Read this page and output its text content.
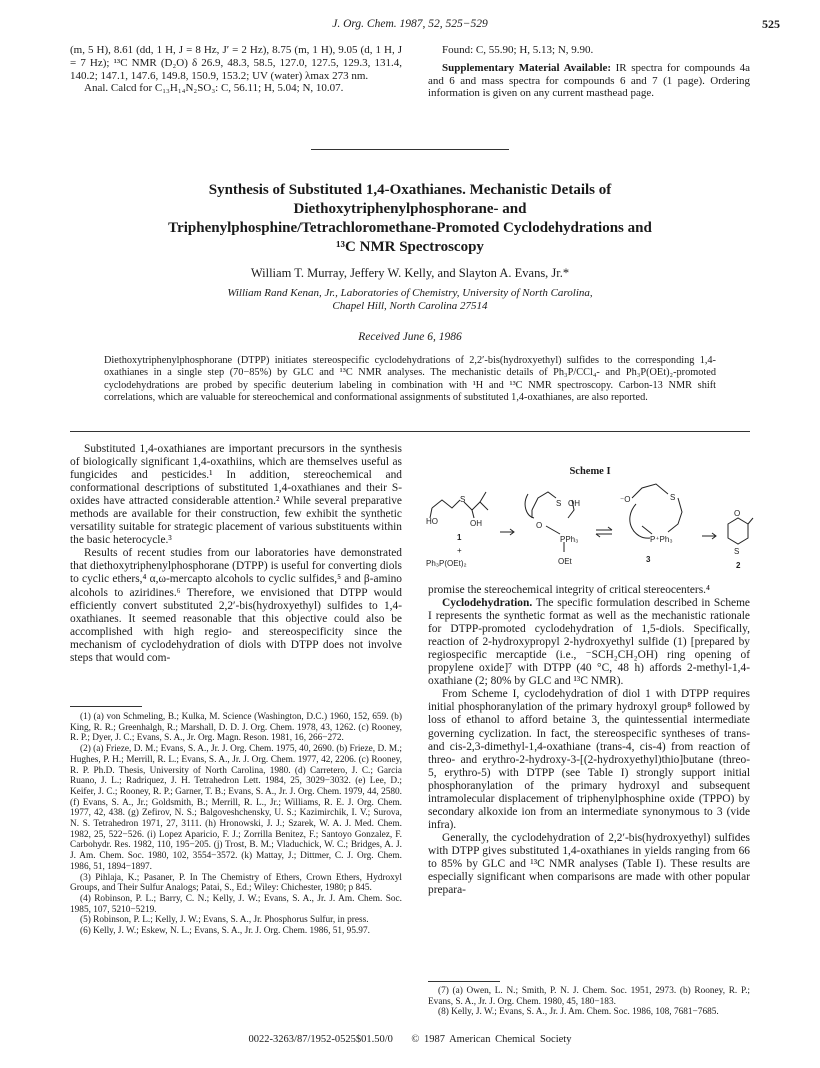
J. Org. Chem. 1987, 52, 525−529	525

(m, 5 H), 8.61 (dd, 1 H, J = 8 Hz, J′ = 2 Hz), 8.75 (m, 1 H), 9.05 (d, 1 H, J = 7 Hz); ¹³C NMR (D₂O) δ 26.9, 48.3, 58.5, 127.0, 127.5, 129.3, 131.4, 140.2; 147.1, 147.6, 149.8, 150.9, 153.2; UV (water) λmax 273 nm.

Anal. Calcd for C₁₃H₁₄N₂SO₃: C, 56.11; H, 5.04; N, 10.07.

Found: C, 55.90; H, 5.13; N, 9.90.

Supplementary Material Available: IR spectra for compounds 4a and 6 and mass spectra for compounds 6 and 7 (1 page). Ordering information is given on any current masthead page.

Synthesis of Substituted 1,4-Oxathianes. Mechanistic Details of
Diethoxytriphenylphosphorane- and
Triphenylphosphine/Tetrachloromethane-Promoted Cyclodehydrations and
¹³C NMR Spectroscopy
William T. Murray, Jeffery W. Kelly, and Slayton A. Evans, Jr.*
William Rand Kenan, Jr., Laboratories of Chemistry, University of North Carolina,
Chapel Hill, North Carolina 27514
Received June 6, 1986
Diethoxytriphenylphosphorane (DTPP) initiates stereospecific cyclodehydrations of 2,2′-bis(hydroxyethyl) sulfides to the corresponding 1,4-oxathianes in a single step (70−85%) by GLC and ¹³C NMR analyses. The mechanistic details of Ph₃P/CCl₄- and Ph₃P(OEt)₂-promoted cyclodehydrations are probed by specific deuterium labeling in combination with ¹H and ¹³C NMR spectroscopy. Carbon-13 NMR shift correlations, which are valuable for stereochemical and conformational assignments of substituted 1,4-oxathianes, are also reported.

Substituted 1,4-oxathianes are important precursors in the synthesis of biologically significant 1,4-oxathiins, which are themselves useful as fungicides and pesticides.¹ In addition, stereochemical and conformational descriptions of substituted 1,4-oxathianes and their S-oxides have attracted considerable attention.² While several preparative methods are available for their construction, few exhibit the synthetic versatility suitable for strategic placement of various substituents within the basic heterocycle.³

Results of recent studies from our laboratories have demonstrated that diethoxytriphenylphosphorane (DTPP) is useful for converting diols to cyclic ethers,⁴ α,ω-mercapto alcohols to cyclic sulfides,⁵ and β-amino alcohols to aziridines.⁶ Therefore, we envisioned that DTPP would efficiently convert substituted 2,2′-bis(hydroxyethyl) sulfides to 1,4-oxathianes. It seemed reasonable that this objective could also be accomplished with high regio- and stereospecificity since the mechanism of cyclodehydration of diols with DTPP does not involve steps that would com-

(1) (a) von Schmeling, B.; Kulka, M. Science (Washington, D.C.) 1960, 152, 659. (b) King, R. R.; Greenhalgh, R.; Marshall, D. D. J. Org. Chem. 1978, 43, 1262. (c) Rooney, R. P.; Dyer, J. C.; Evans, S. A., Jr. Org. Magn. Reson. 1981, 16, 266−272.

(2) (a) Frieze, D. M.; Evans, S. A., Jr. J. Org. Chem. 1975, 40, 2690. (b) Frieze, D. M.; Hughes, P. H.; Merrill, R. L.; Evans, S. A., Jr. J. Org. Chem. 1977, 42, 2206. (c) Rooney, R. P. Ph.D. Thesis, University of North Carolina, 1980. (d) Carretero, J. C.; Garcia Ruano, J. L.; Radriquez, J. H. Tetrahedron Lett. 1984, 25, 3029−3032. (e) Lee, D.; Keifer, J. C.; Rooney, R. P.; Garner, T. B.; Evans, S. A., Jr. J. Org. Chem. 1979, 44, 2580. (f) Evans, S. A., Jr.; Goldsmith, B.; Merrill, R. L., Jr.; Williams, R. E. J. Org. Chem. 1977, 42, 438. (g) Zefirov, N. S.; Balgoveshchensky, U. S.; Kazimirchik, I. V.; Surova, N. S. Tetrahedron 1971, 27, 3111. (h) Hronowski, J. J.; Szarek, W. A. J. Med. Chem. 1982, 25, 522−526. (i) Lopez Aparicio, F. J.; Zorrilla Benitez, F.; Santoyo Gonzalez, F. Carbohydr. Res. 1982, 110, 195−205. (j) Trost, B. M.; Vladuchick, W. C.; Bridges, A. J. J. Am. Chem. Soc. 1980, 102, 3554−3572. (k) Mattay, J.; Dittmer, C. J. Org. Chem. 1986, 51, 1894−1897.

(3) Pihlaja, K.; Pasaner, P. In The Chemistry of Ethers, Crown Ethers, Hydroxyl Groups, and Their Sulfur Analogs; Patai, S., Ed.; Wiley: Chichester, 1980; p 845.

(4) Robinson, P. L.; Barry, C. N.; Kelly, J. W.; Evans, S. A., Jr. J. Am. Chem. Soc. 1985, 107, 5210−5219.

(5) Robinson, P. L.; Kelly, J. W.; Evans, S. A., Jr. Phosphorus Sulfur, in press.

(6) Kelly, J. W.; Eskew, N. L.; Evans, S. A., Jr. J. Org. Chem. 1986, 51, 95.97.

Scheme I
HO
S
OH
1
+
Ph₃P(OEt)₂
S OH
O
PPh₃
OEt
⁻O	S
P⁺Ph₃
3
O
S
2

promise the stereochemical integrity of critical stereocenters.⁴

Cyclodehydration. The specific formulation described in Scheme I represents the synthetic format as well as the mechanistic rationale for DTPP-promoted cyclodehydration of 1,5-diols. Specifically, reaction of 2-hydroxypropyl 2-hydroxyethyl sulfide (1) [prepared by regiospecific mercaptide (i.e., ⁻SCH₂CH₂OH) ring opening of propylene oxide]⁷ with DTPP (40 °C, 48 h) affords 2-methyl-1,4-oxathiane (2; 80% by GLC and ¹³C NMR).

From Scheme I, cyclodehydration of diol 1 with DTPP requires initial phosphoranylation of the primary hydroxyl group⁸ followed by loss of ethanol to afford betaine 3, the quintessential intermediate governing cyclization. In fact, the stereospecific syntheses of trans- and cis-2,3-dimethyl-1,4-oxathiane (trans-4, cis-4) from reaction of threo- and erythro-2-hydroxy-3-[(2-hydroxyethyl)thio]butane (threo-5, erythro-5) with DTPP (see Table I) strongly support initial phosphoranylation of the primary hydroxyl and subsequent intramolecular displacement of triphenylphosphine oxide (TPPO) by secondary alkoxide ion from an intermediate synonymous to 3 (vide infra).

Generally, the cyclodehydration of 2,2′-bis(hydroxyethyl) sulfides with DTPP gives substituted 1,4-oxathianes in yields ranging from 66 to 85% by GLC and ¹³C NMR analyses (Table I). These results are especially significant when comparisons are made with other popular prepara-

(7) (a) Owen, L. N.; Smith, P. N. J. Chem. Soc. 1951, 2973. (b) Rooney, R. P.; Evans, S. A., Jr. J. Org. Chem. 1980, 45, 180−183.

(8) Kelly, J. W.; Evans, S. A., Jr. J. Am. Chem. Soc. 1986, 108, 7681−7685.

0022-3263/87/1952-0525$01.50/0 © 1987 American Chemical Society
